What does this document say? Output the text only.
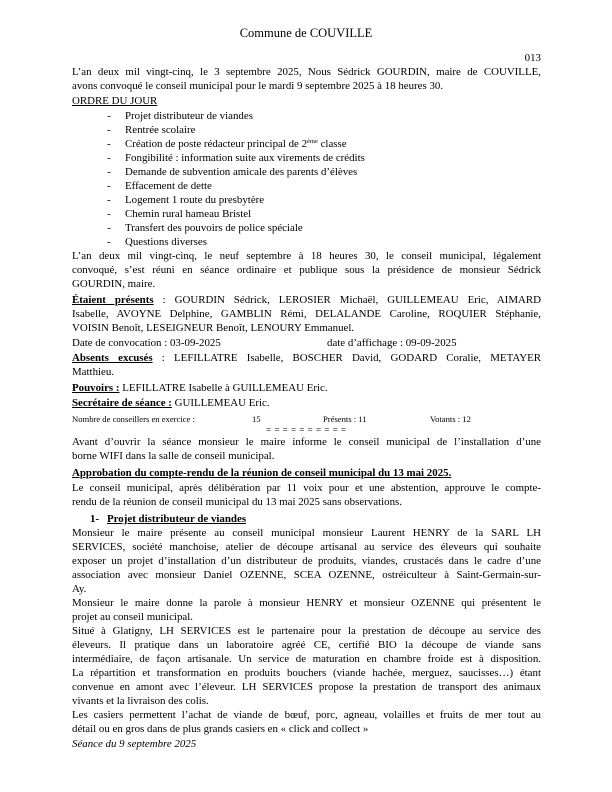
Commune de COUVILLE
013
L’an deux mil vingt-cinq, le 3 septembre 2025, Nous Sédrick GOURDIN, maire de COUVILLE,
avons convoqué le conseil municipal pour le mardi 9 septembre 2025 à 18 heures 30.
ORDRE DU JOUR
- Projet distributeur de viandes
- Rentrée scolaire
- Création de poste rédacteur principal de 2ème classe
- Fongibilité : information suite aux virements de crédits
- Demande de subvention amicale des parents d’élèves
- Effacement de dette
- Logement 1 route du presbytère
- Chemin rural hameau Bristel
- Transfert des pouvoirs de police spéciale
- Questions diverses
L’an deux mil vingt-cinq, le neuf septembre à 18 heures 30, le conseil municipal, légalement
convoqué, s’est réuni en séance ordinaire et publique sous la présidence de monsieur Sédrick
GOURDIN, maire.
Étaient présents : GOURDIN Sédrick, LEROSIER Michaël, GUILLEMEAU Eric, AIMARD
Isabelle, AVOYNE Delphine, GAMBLIN Rémi, DELALANDE Caroline, ROQUIER Stéphanie,
VOISIN Benoît, LESEIGNEUR Benoît, LENOURY Emmanuel.
Date de convocation : 03-09-2025	date d’affichage : 09-09-2025
Absents excusés : LEFILLATRE Isabelle, BOSCHER David, GODARD Coralie, METAYER
Matthieu.
Pouvoirs : LEFILLATRE Isabelle à GUILLEMEAU Eric.
Secrétaire de séance : GUILLEMEAU Eric.
Nombre de conseillers en exercice :	15	Présents : 11	Votants : 12
= = = = = = = = = =
Avant d’ouvrir la séance monsieur le maire informe le conseil municipal de l’installation d’une
borne WIFI dans la salle de conseil municipal.
Approbation du compte-rendu de la réunion de conseil municipal du 13 mai 2025.
Le conseil municipal, après délibération par 11 voix pour et une abstention, approuve le compte-
rendu de la réunion de conseil municipal du 13 mai 2025 sans observations.
1- Projet distributeur de viandes
Monsieur le maire présente au conseil municipal monsieur Laurent HENRY de la SARL LH
SERVICES, société manchoise, atelier de découpe artisanal au service des éleveurs qui souhaite
exposer un projet d’installation d’un distributeur de produits, viandes, crustacés dans le cadre d’une
association avec monsieur Daniel OZENNE, SCEA OZENNE, ostréiculteur à Saint-Germain-sur-
Ay.
Monsieur le maire donne la parole à monsieur HENRY et monsieur OZENNE qui présentent le
projet au conseil municipal.
Situé à Glatigny, LH SERVICES est le partenaire pour la prestation de découpe au service des
éleveurs. Il pratique dans un laboratoire agréé CE, certifié BIO la découpe de viande sans
intermédiaire, de façon artisanale. Un service de maturation en chambre froide est à disposition.
La répartition et transformation en produits bouchers (viande hachée, merguez, saucisses…) étant
convenue en amont avec l’éleveur. LH SERVICES propose la prestation de transport des animaux
vivants et la livraison des colis.
Les casiers permettent l’achat de viande de bœuf, porc, agneau, volailles et fruits de mer tout au
détail ou en gros dans de plus grands casiers en « click and collect »
Séance du 9 septembre 2025
